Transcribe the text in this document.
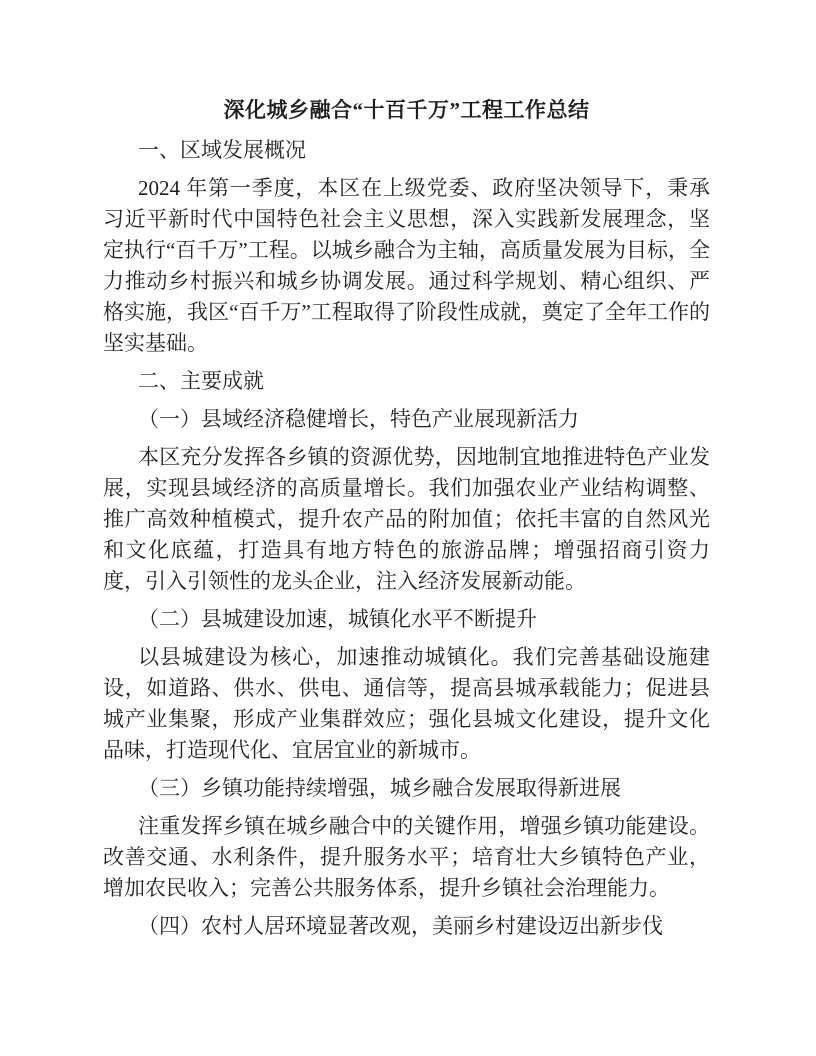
深化城乡融合“十百千万”工程工作总结
一、区域发展概况
2024 年第一季度，本区在上级党委、政府坚决领导下，秉承习近平新时代中国特色社会主义思想，深入实践新发展理念，坚定执行“百千万”工程。以城乡融合为主轴，高质量发展为目标，全力推动乡村振兴和城乡协调发展。通过科学规划、精心组织、严格实施，我区“百千万”工程取得了阶段性成就，奠定了全年工作的坚实基础。
二、主要成就
（一）县域经济稳健增长，特色产业展现新活力
本区充分发挥各乡镇的资源优势，因地制宜地推进特色产业发展，实现县域经济的高质量增长。我们加强农业产业结构调整、推广高效种植模式，提升农产品的附加值；依托丰富的自然风光和文化底蕴，打造具有地方特色的旅游品牌；增强招商引资力度，引入引领性的龙头企业，注入经济发展新动能。
（二）县城建设加速，城镇化水平不断提升
以县城建设为核心，加速推动城镇化。我们完善基础设施建设，如道路、供水、供电、通信等，提高县城承载能力；促进县城产业集聚，形成产业集群效应；强化县城文化建设，提升文化品味，打造现代化、宜居宜业的新城市。
（三）乡镇功能持续增强，城乡融合发展取得新进展
注重发挥乡镇在城乡融合中的关键作用，增强乡镇功能建设。改善交通、水利条件，提升服务水平；培育壮大乡镇特色产业，增加农民收入；完善公共服务体系，提升乡镇社会治理能力。
（四）农村人居环境显著改观，美丽乡村建设迈出新步伐
